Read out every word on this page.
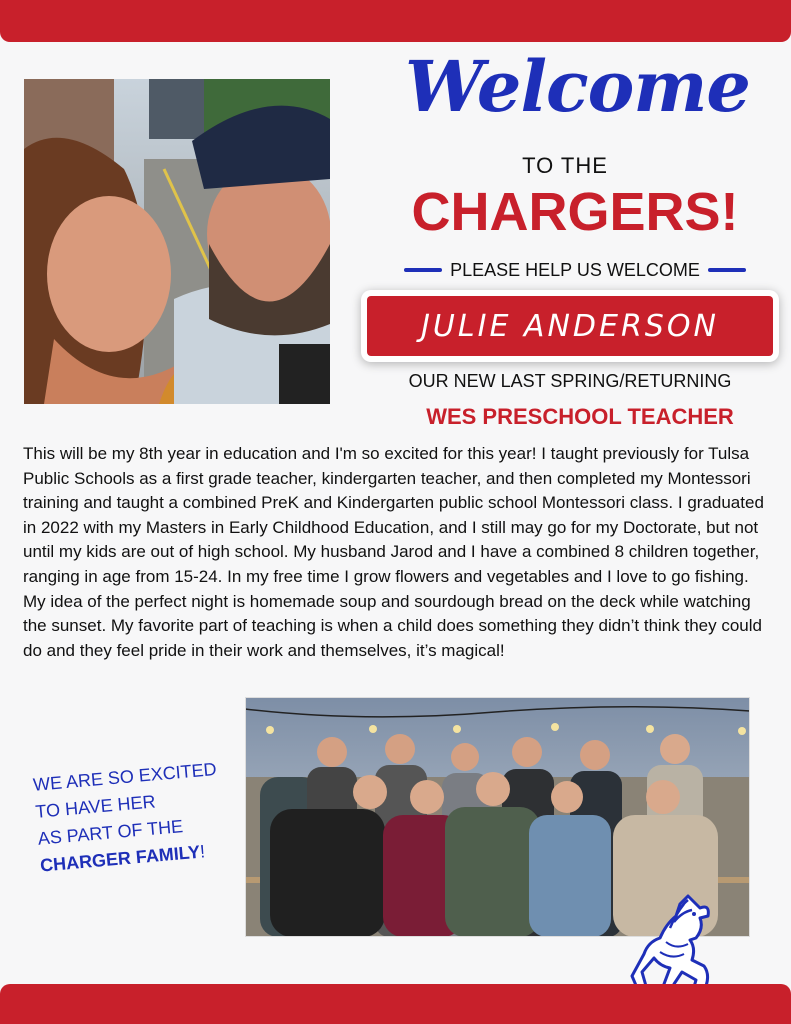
Welcome
TO THE
CHARGERS!
PLEASE HELP US WELCOME
JULIE ANDERSON
OUR NEW LAST SPRING/RETURNING
WES PRESCHOOL TEACHER

This will be my 8th year in education and I'm so excited for this year! I taught previously for Tulsa Public Schools as a first grade teacher, kindergarten teacher, and then completed my Montessori training and taught a combined PreK and Kindergarten public school Montessori class. I graduated in 2022 with my Masters in Early Childhood Education, and I still may go for my Doctorate, but not until my kids are out of high school. My husband Jarod and I have a combined 8 children together, ranging in age from 15-24. In my free time I grow flowers and vegetables and I love to go fishing. My idea of the perfect night is homemade soup and sourdough bread on the deck while watching the sunset. My favorite part of teaching is when a child does something they didn’t think they could do and they feel pride in their work and themselves, it’s magical!

WE ARE SO EXCITED
TO HAVE HER
AS PART OF THE
CHARGER FAMILY!
